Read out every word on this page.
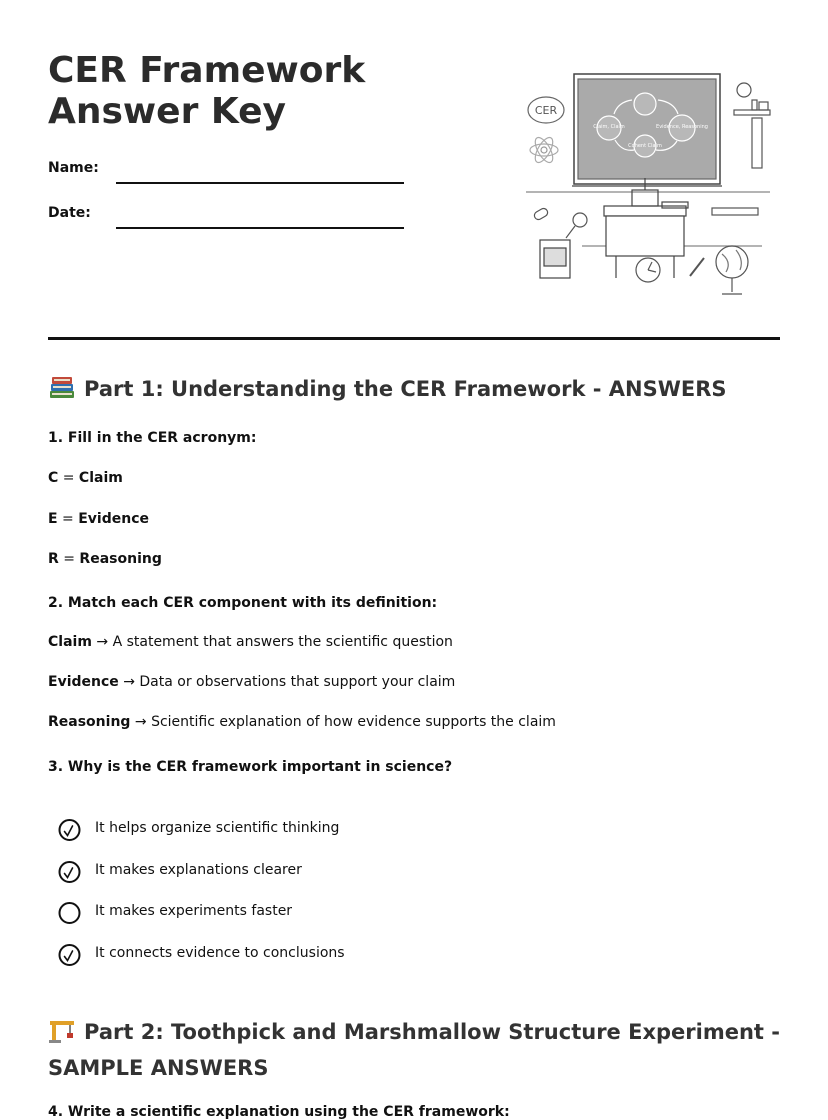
CER Framework Answer Key
Name:
Date:
CER
Claim, Claim	Evidence, Reasoning
Cohent Claim
Part 1: Understanding the CER Framework - ANSWERS
1. Fill in the CER acronym:
C = Claim
E = Evidence
R = Reasoning
2. Match each CER component with its definition:
Claim → A statement that answers the scientific question
Evidence → Data or observations that support your claim
Reasoning → Scientific explanation of how evidence supports the claim
3. Why is the CER framework important in science?
It helps organize scientific thinking
It makes explanations clearer
It makes experiments faster
It connects evidence to conclusions
Part 2: Toothpick and Marshmallow Structure Experiment -
SAMPLE ANSWERS
4. Write a scientific explanation using the CER framework:
